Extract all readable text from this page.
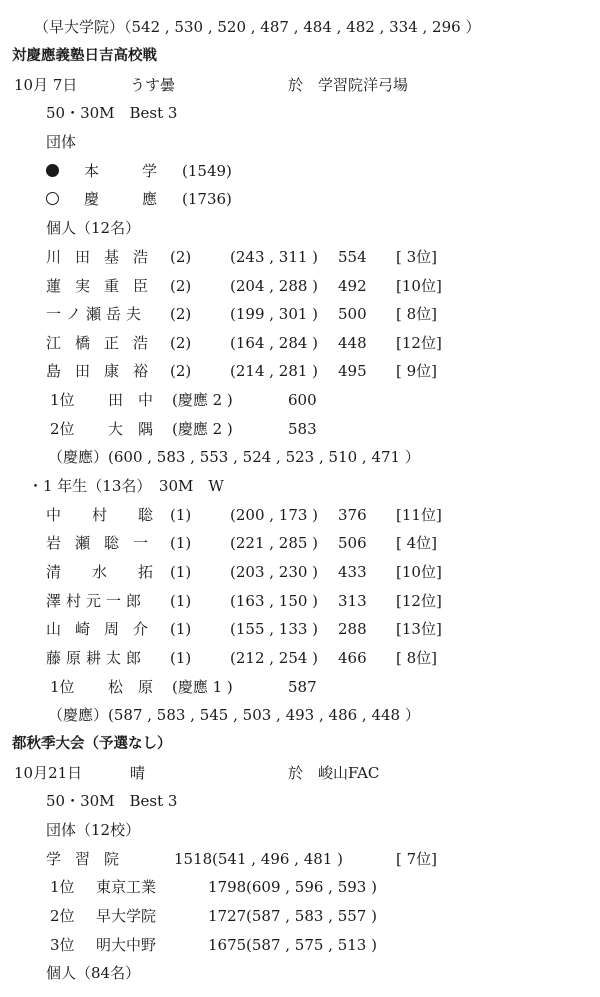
（早大学院）（542 , 530 , 520 , 487 , 484 , 482 , 334 , 296 ）
対慶應義塾日吉高校戦
10月 7日	うす曇	於　学習院洋弓場
50・30M　Best 3
団体
本　学 (1549)
慶　應 (1736)
個人（12名）
川田基浩 (2)	(243 , 311 ) 554 [ 3位]
蓮実重臣 (2)	(204 , 288 ) 492 [10位]
一ノ瀬岳夫 (2)	(199 , 301 ) 500 [ 8位]
江橋正浩 (2)	(164 , 284 ) 448 [12位]
島田康裕 (2)	(214 , 281 ) 495 [ 9位]
1位 田　中 (慶應 2 )	600
2位 大　隅 (慶應 2 )	583
（慶應）(600 , 583 , 553 , 524 , 523 , 510 , 471 ）
・1 年生（13名）　30M　W
中　村　聡 (1)	(200 , 173 ) 376 [11位]
岩瀬聡一 (1)	(221 , 285 ) 506 [ 4位]
清　水　拓 (1)	(203 , 230 ) 433 [10位]
澤村元一郎 (1)	(163 , 150 ) 313 [12位]
山崎周介 (1)	(155 , 133 ) 288 [13位]
藤原耕太郎 (1)	(212 , 254 ) 466 [ 8位]
1位 松　原 (慶應 1 )	587
（慶應）(587 , 583 , 545 , 503 , 493 , 486 , 448 ）
都秋季大会（予選なし）
10月21日	晴	於　峻山FAC
50・30M　Best 3
団体（12校）
学習院	1518 (541 , 496 , 481 )	[ 7位]
1位 東京工業	1798 (609 , 596 , 593 )
2位 早大学院	1727 (587 , 583 , 557 )
3位 明大中野	1675 (587 , 575 , 513 )
個人（84名）
